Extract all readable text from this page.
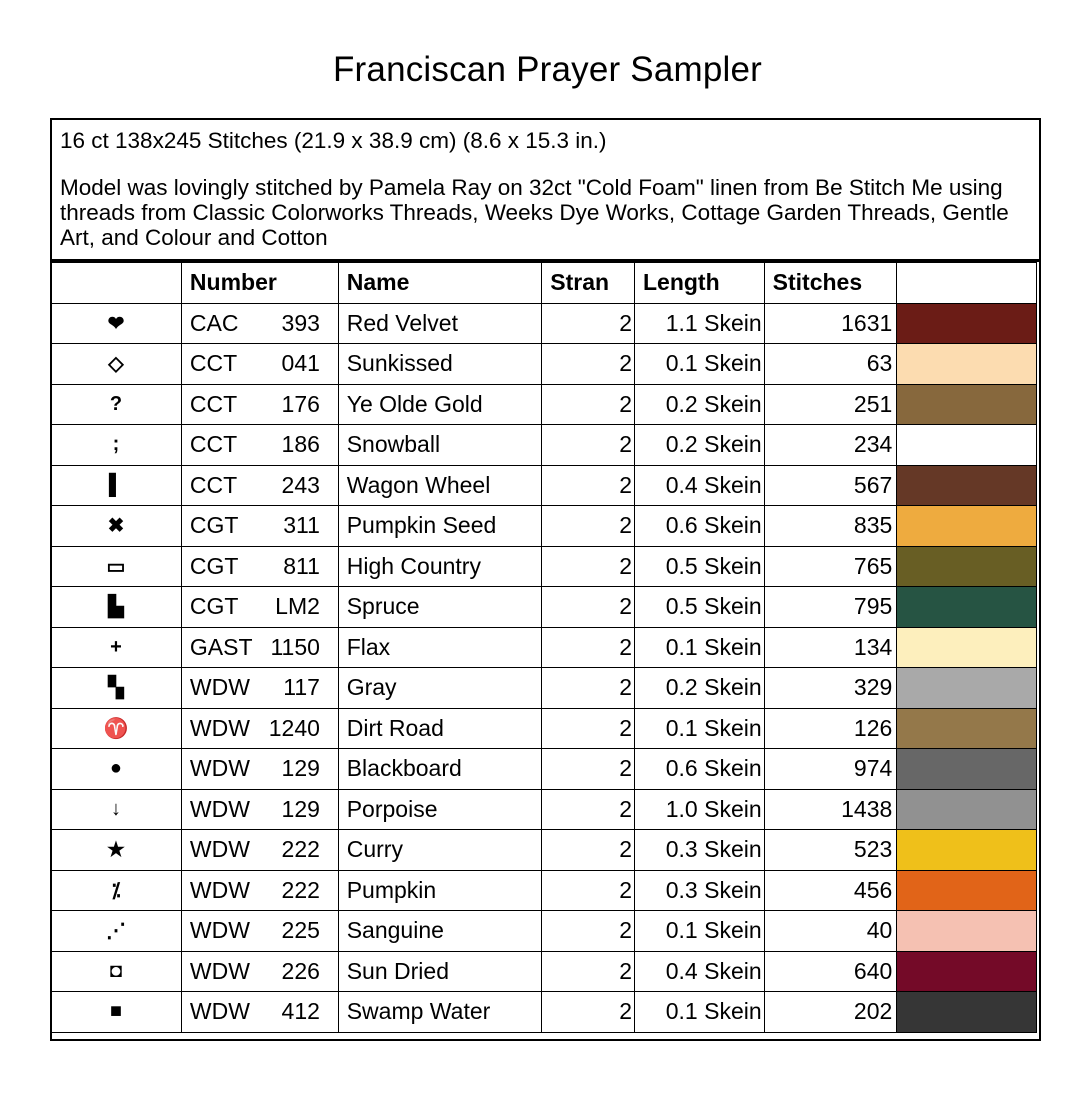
Franciscan Prayer Sampler

16 ct 138x245 Stitches (21.9 x 38.9 cm) (8.6 x 15.3 in.)

Model was lovingly stitched by Pamela Ray on 32ct "Cold Foam" linen from Be Stitch Me using threads from Classic Colorworks Threads, Weeks Dye Works, Cottage Garden Threads, Gentle Art, and Colour and Cotton

	Number	Name	Stran	Length	Stitches	
❤	CAC 393	Red Velvet	2	1.1 Skein	1631	

◇	CCT 041	Sunkissed	2	0.1 Skein	63	

?	CCT 176	Ye Olde Gold	2	0.2 Skein	251	

;	CCT 186	Snowball	2	0.2 Skein	234	

▌	CCT 243	Wagon Wheel	2	0.4 Skein	567	

✖	CGT 311	Pumpkin Seed	2	0.6 Skein	835	

▭	CGT 811	High Country	2	0.5 Skein	765	

▙	CGT LM2	Spruce	2	0.5 Skein	795	

+	GAST 1150	Flax	2	0.1 Skein	134	

▚	WDW 117	Gray	2	0.2 Skein	329	

♈	WDW 1240	Dirt Road	2	0.1 Skein	126	

●	WDW 129	Blackboard	2	0.6 Skein	974	

↓	WDW 129	Porpoise	2	1.0 Skein	1438	

★	WDW 222	Curry	2	0.3 Skein	523	

⁒	WDW 222	Pumpkin	2	0.3 Skein	456	

⋰	WDW 225	Sanguine	2	0.1 Skein	40	

◘	WDW 226	Sun Dried	2	0.4 Skein	640	

■	WDW 412	Swamp Water	2	0.1 Skein	202	
